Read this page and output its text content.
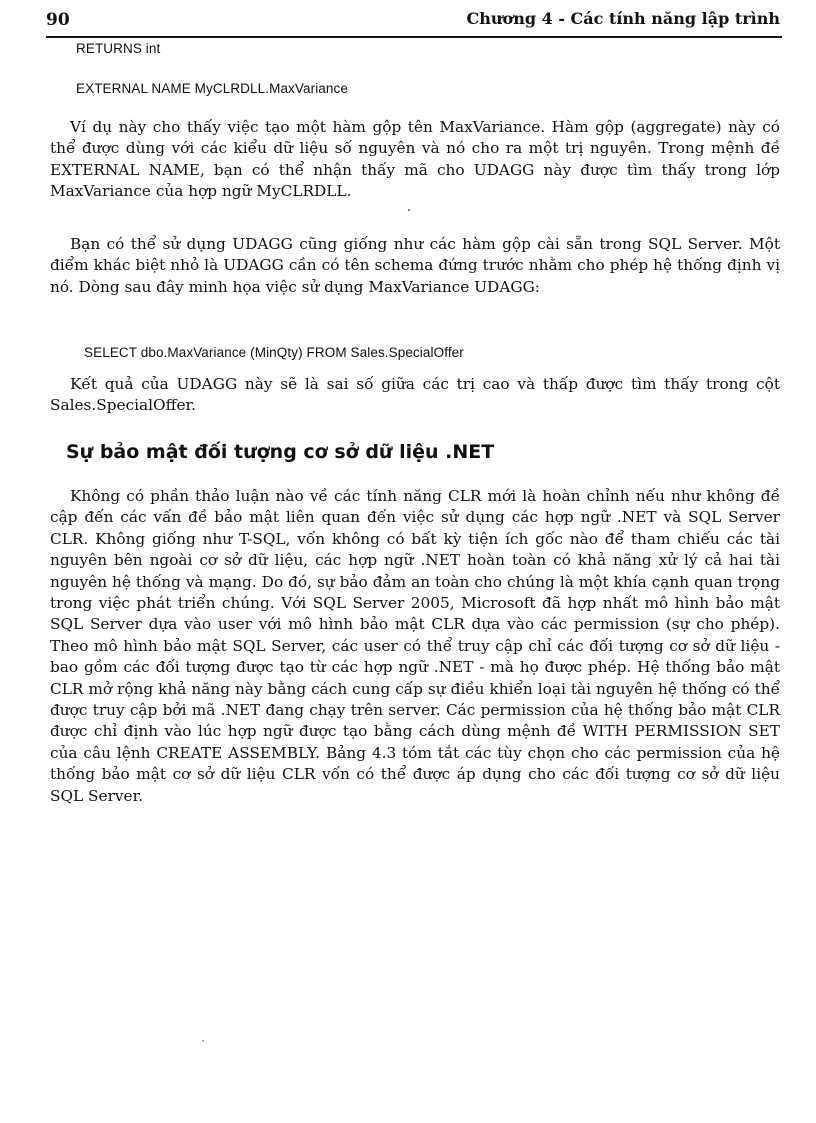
90	Chương 4 - Các tính năng lập trình
RETURNS int
EXTERNAL NAME MyCLRDLL.MaxVariance

Ví dụ này cho thấy việc tạo một hàm gộp tên MaxVariance. Hàm gộp (aggregate) này có thể được dùng với các kiểu dữ liệu số nguyên và nó cho ra một trị nguyên. Trong mệnh đề EXTERNAL NAME, bạn có thể nhận thấy mã cho UDAGG này được tìm thấy trong lớp MaxVariance của hợp ngữ MyCLRDLL.

Bạn có thể sử dụng UDAGG cũng giống như các hàm gộp cài sẵn trong SQL Server. Một điểm khác biệt nhỏ là UDAGG cần có tên schema đứng trước nhằm cho phép hệ thống định vị nó. Dòng sau đây minh họa việc sử dụng MaxVariance UDAGG:

SELECT dbo.MaxVariance (MinQty) FROM Sales.SpecialOffer

Kết quả của UDAGG này sẽ là sai số giữa các trị cao và thấp được tìm thấy trong cột Sales.SpecialOffer.

Sự bảo mật đối tượng cơ sở dữ liệu .NET

Không có phần thảo luận nào về các tính năng CLR mới là hoàn chỉnh nếu như không đề cập đến các vấn đề bảo mật liên quan đến việc sử dụng các hợp ngữ .NET và SQL Server CLR. Không giống như T-SQL, vốn không có bất kỳ tiện ích gốc nào để tham chiếu các tài nguyên bên ngoài cơ sở dữ liệu, các hợp ngữ .NET hoàn toàn có khả năng xử lý cả hai tài nguyên hệ thống và mạng. Do đó, sự bảo đảm an toàn cho chúng là một khía cạnh quan trọng trong việc phát triển chúng. Với SQL Server 2005, Microsoft đã hợp nhất mô hình bảo mật SQL Server dựa vào user với mô hình bảo mật CLR dựa vào các permission (sự cho phép). Theo mô hình bảo mật SQL Server, các user có thể truy cập chỉ các đối tượng cơ sở dữ liệu - bao gồm các đối tượng được tạo từ các hợp ngữ .NET - mà họ được phép. Hệ thống bảo mật CLR mở rộng khả năng này bằng cách cung cấp sự điều khiển loại tài nguyên hệ thống có thể được truy cập bởi mã .NET đang chạy trên server. Các permission của hệ thống bảo mật CLR được chỉ định vào lúc hợp ngữ được tạo bằng cách dùng mệnh đề WITH PERMISSION SET của câu lệnh CREATE ASSEMBLY. Bảng 4.3 tóm tắt các tùy chọn cho các permission của hệ thống bảo mật cơ sở dữ liệu CLR vốn có thể được áp dụng cho các đối tượng cơ sở dữ liệu SQL Server.
